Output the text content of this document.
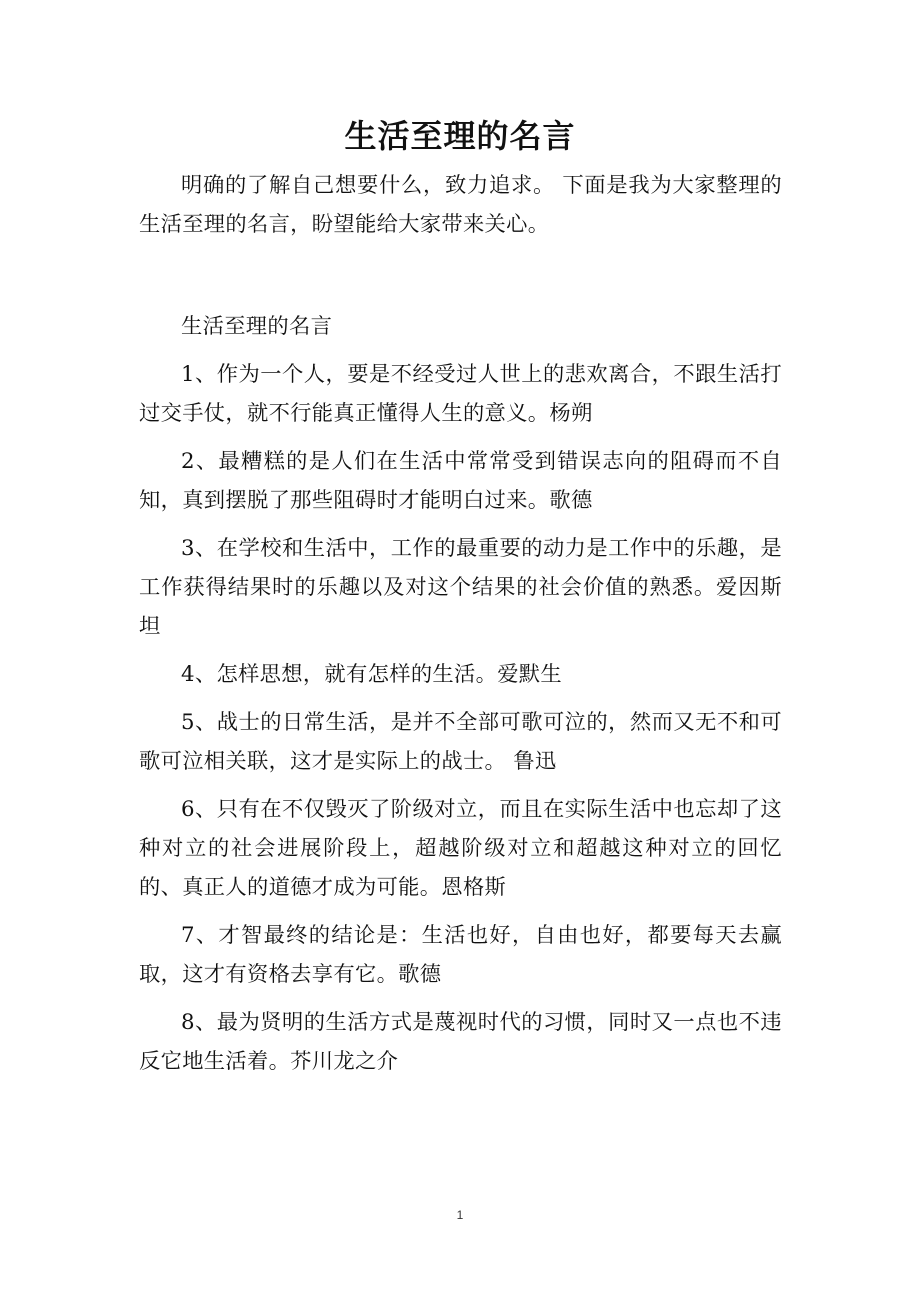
生活至理的名言

明确的了解自己想要什么，致力追求。 下面是我为大家整理的生活至理的名言，盼望能给大家带来关心。

生活至理的名言

1、作为一个人，要是不经受过人世上的悲欢离合，不跟生活打过交手仗，就不行能真正懂得人生的意义。杨朔

2、最糟糕的是人们在生活中常常受到错误志向的阻碍而不自知，真到摆脱了那些阻碍时才能明白过来。歌德

3、在学校和生活中，工作的最重要的动力是工作中的乐趣，是工作获得结果时的乐趣以及对这个结果的社会价值的熟悉。爱因斯坦

4、怎样思想，就有怎样的生活。爱默生

5、战士的日常生活，是并不全部可歌可泣的，然而又无不和可歌可泣相关联，这才是实际上的战士。 鲁迅

6、只有在不仅毁灭了阶级对立，而且在实际生活中也忘却了这种对立的社会进展阶段上，超越阶级对立和超越这种对立的回忆的、真正人的道德才成为可能。恩格斯

7、才智最终的结论是：生活也好，自由也好，都要每天去赢取，这才有资格去享有它。歌德

8、最为贤明的生活方式是蔑视时代的习惯，同时又一点也不违反它地生活着。芥川龙之介

1
